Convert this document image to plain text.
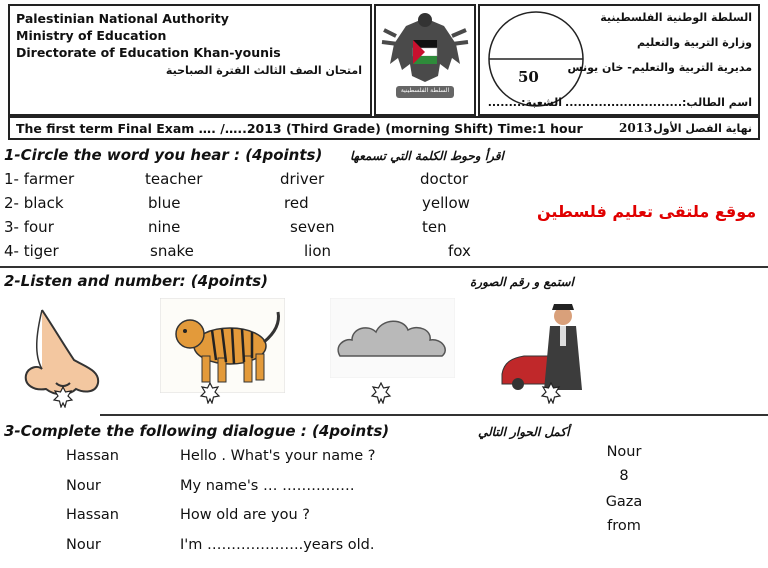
Palestinian National Authority
Ministry of Education
Directorate of Education Khan-younis
امتحان الصف الثالث الفترة الصباحية
السلطة الفلسطينية
50
السلطة الوطنية الفلسطينية
وزارة التربية والتعليم
مديرية التربية والتعليم- خان يونس
اسم الطالب:............................
الشعبة:........
The first term Final Exam …. /…..2013 (Third Grade) (morning Shift) Time:1 hour	2013 نهاية الفصل الأول
1-Circle the word you hear : (4points) اقرأ وحوط الكلمة التي تسمعها
1- farmer	teacher	driver	doctor
2- black	blue	red	yellow
3- four	nine	seven	ten
4- tiger	snake	lion	fox
موقع ملتقى تعليم فلسطين
2-Listen and number: (4points)	استمع و رقم الصورة
3-Complete the following dialogue : (4points)	أكمل الحوار التالي
Hassan	Hello . What's your name ?
Nour	My name's … ……………
Hassan	How old are you ?
Nour	I'm ………………..years old.
Nour
8
Gaza
from
